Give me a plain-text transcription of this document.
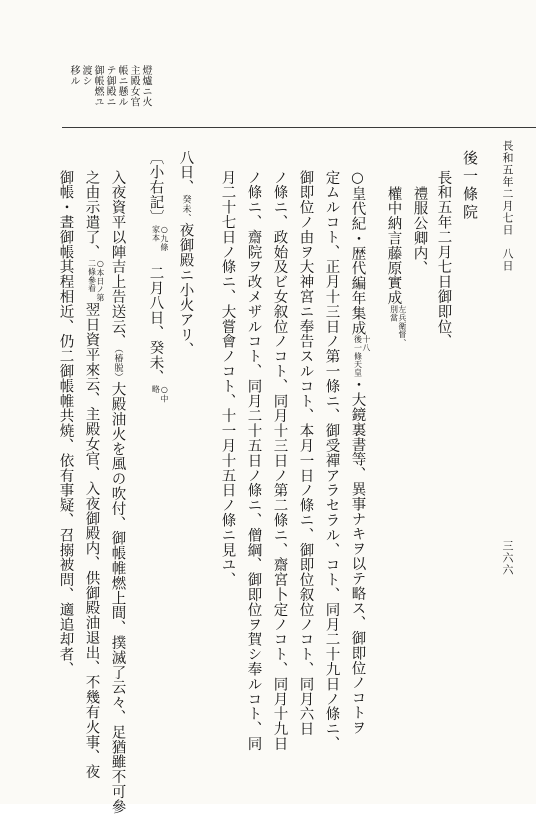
長和五年二月七日　八日
三六六
燈爐ニ火
主殿女官
帳ニ懸ル
テ御殿ニ
御帳燃ユ
渡シ
移ル
後一條院
長和五年二月七日御即位、
禮服公卿内、
權中納言藤原實成
左兵衛督、
別當
○皇代紀・歴代編年集成
十八
後一條天皇
・大鏡裏書等、異事ナキヲ以テ略ス、御即位ノコトヲ
定ムルコト、正月十三日ノ第一條ニ、御受禪アラセラル、コト、同月二十九日ノ條ニ、
御即位ノ由ヲ大神宮ニ奉告スルコト、本月一日ノ條ニ、御即位叙位ノコト、同月六日
ノ條ニ、政始及ビ女叙位ノコト、同月十三日ノ第二條ニ、齋宮卜定ノコト、同月十九日
ノ條ニ、齋院ヲ改メザルコト、同月二十五日ノ條ニ、僧綱、御即位ヲ賀シ奉ルコト、同
月二十七日ノ條ニ、大嘗會ノコト、十一月十五日ノ條ニ見ユ、
八日、癸未、夜御殿ニ小火アリ、
〔小右記〕
○九條
家本
　二月八日、癸未、
○中
略
入夜資平以陣吉上告送云、（椿脱）大殿油火を風の吹付、御帳帷燃上間、撲滅了云々、足猶雖不可參
之由示遣了、
○本日ノ第
二條參看
翌日資平來云、主殿女官、入夜御殿内、供御殿油退出、不幾有火事、夜
御帳・晝御帳其程相近、仍二御帳帷共焼、依有事疑、召搦被問、適追却者、
